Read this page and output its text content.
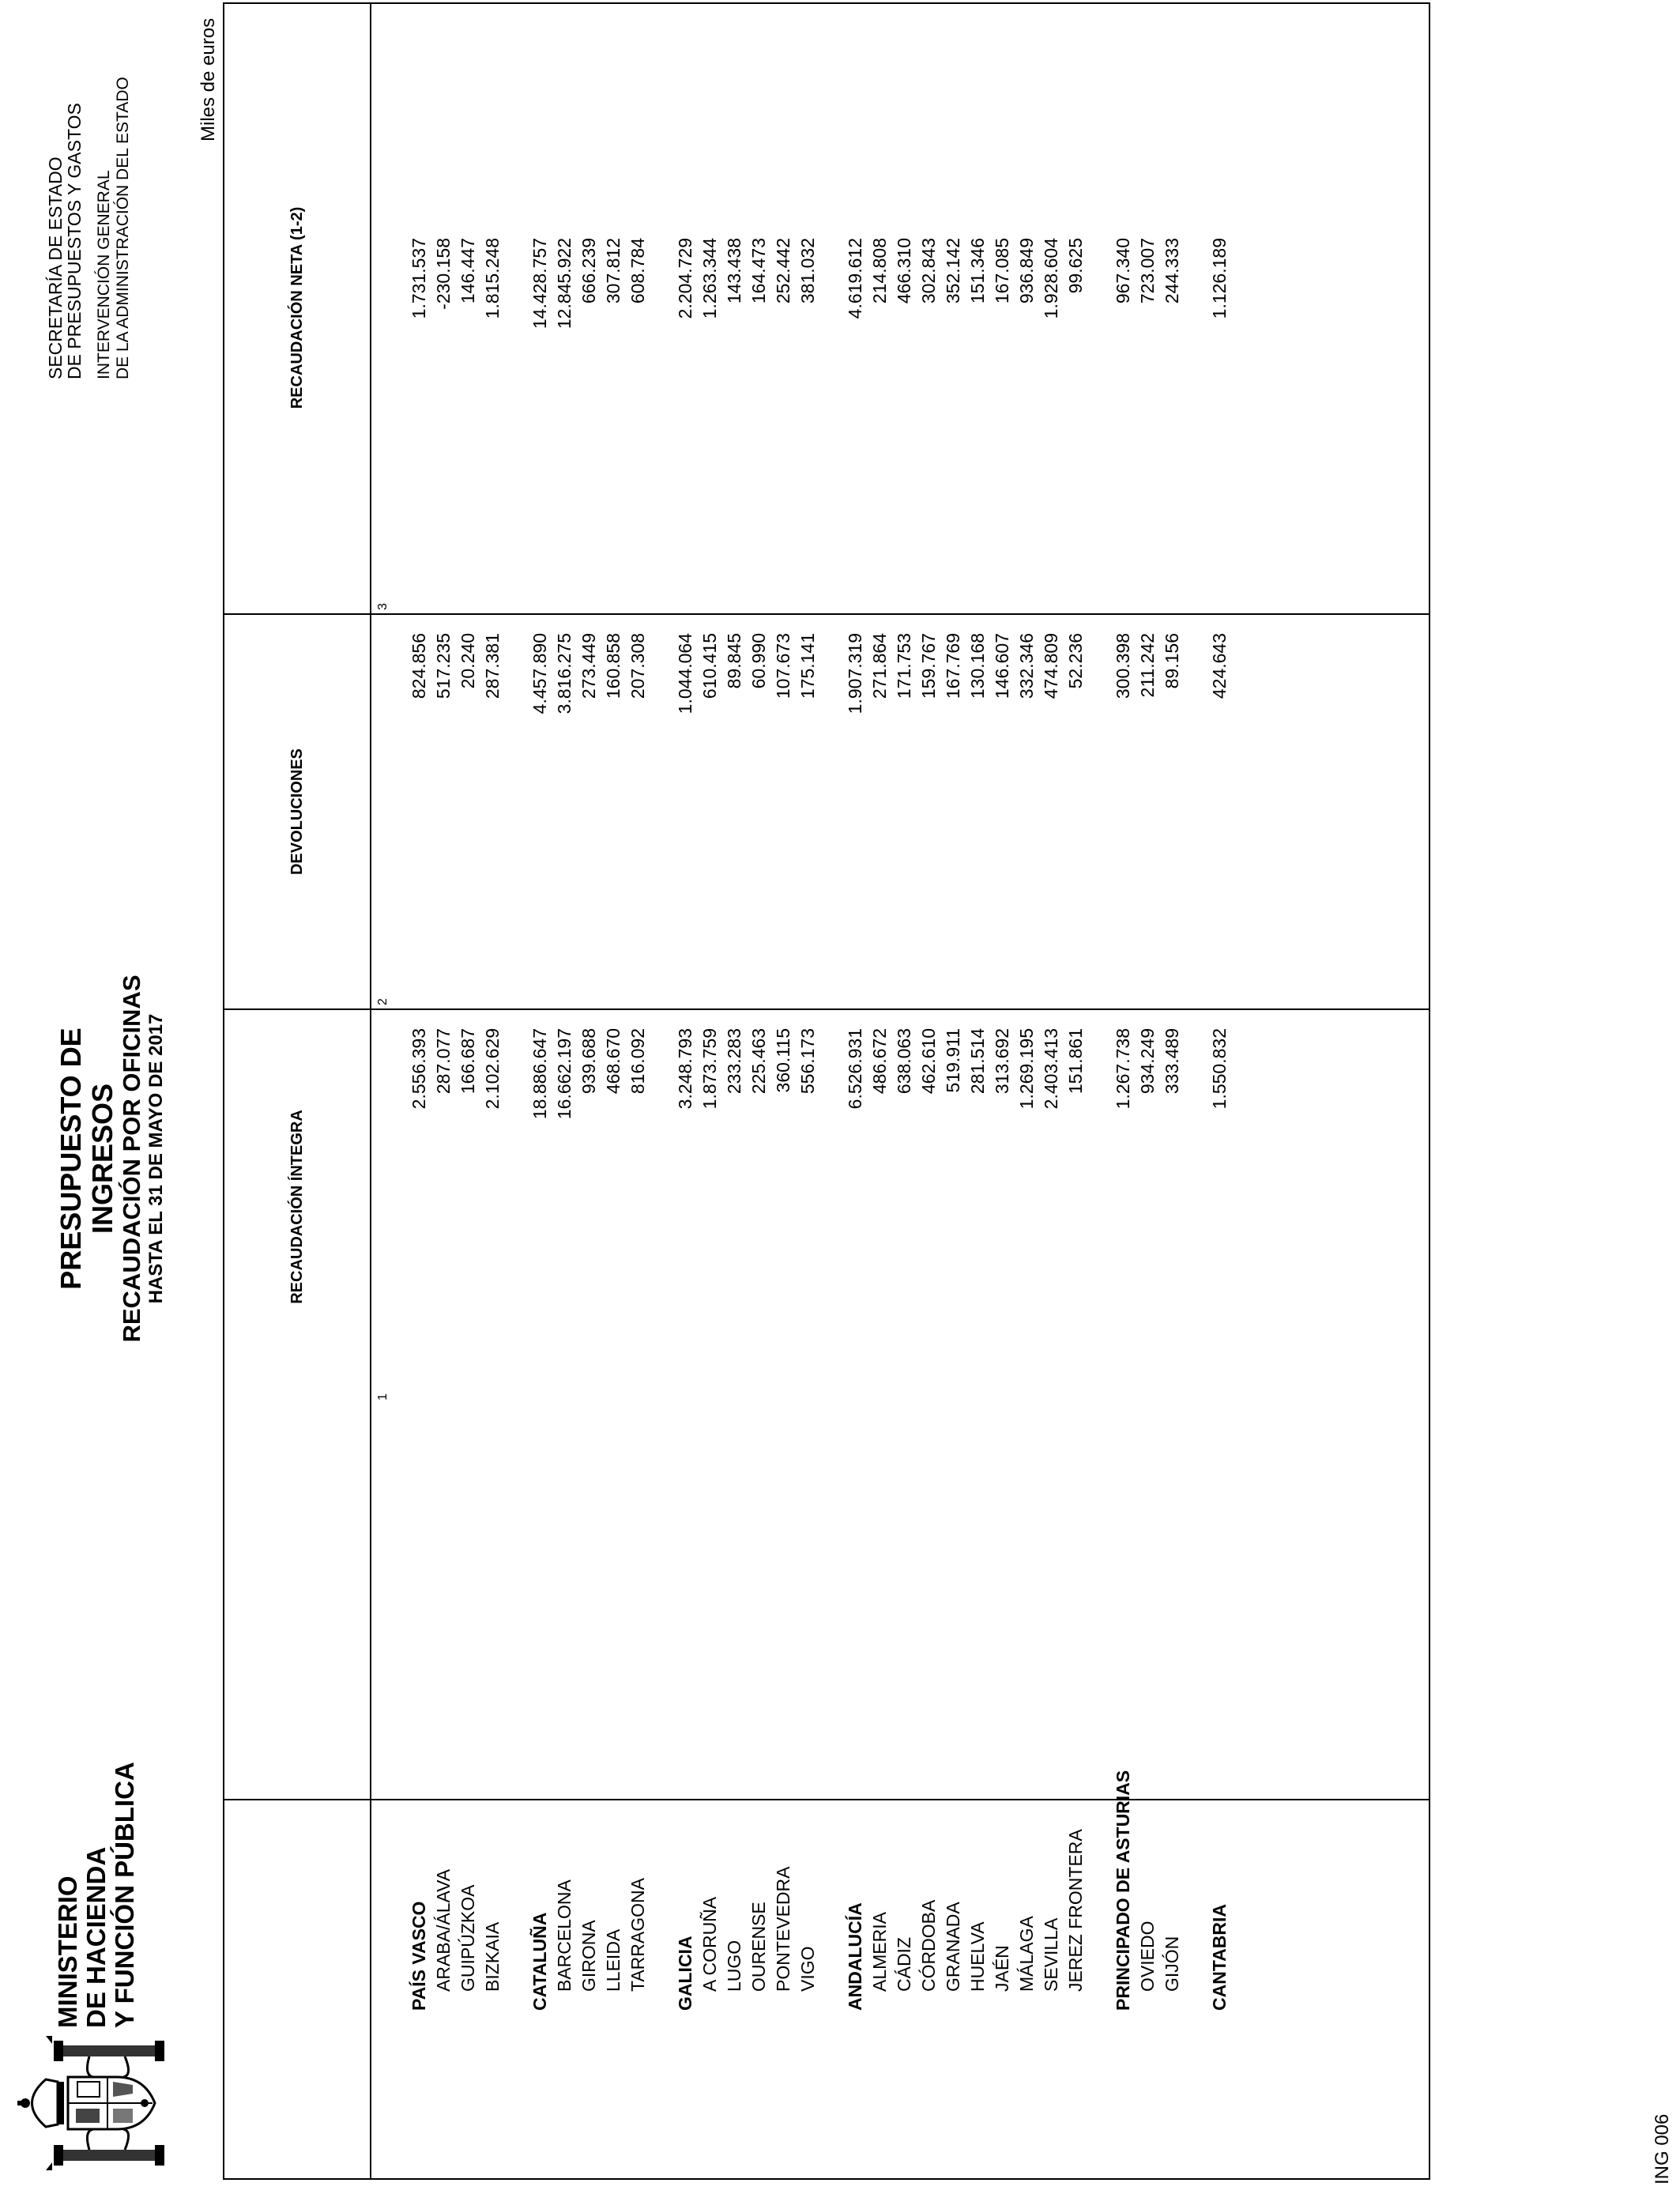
MINISTERIO DE HACIENDA Y FUNCIÓN PÚBLICA
PRESUPUESTO DE INGRESOS RECAUDACIÓN POR OFICINAS HASTA EL 31 DE MAYO DE 2017
SECRETARÍA DE ESTADO
DE PRESUPUESTOS Y GASTOS INTERVENCIÓN GENERAL DE LA ADMINISTRACIÓN DEL ESTADO	Miles de euros
RECAUDACIÓN ÍNTEGRA
DEVOLUCIONES
RECAUDACIÓN NETA (1-2)
1
2
3
PAÍS VASCO
2.556.393
824.856
1.731.537
ARABA/ÁLAVA
287.077
517.235
-230.158
GUIPÚZKOA
166.687
20.240
146.447
BIZKAIA
2.102.629
287.381
1.815.248
CATALUÑA
18.886.647
4.457.890
14.428.757
BARCELONA
16.662.197
3.816.275
12.845.922
GIRONA
939.688
273.449
666.239
LLEIDA
468.670
160.858
307.812
TARRAGONA
816.092
207.308
608.784
GALICIA
3.248.793
1.044.064
2.204.729
A CORUÑA
1.873.759
610.415
1.263.344
LUGO
233.283
89.845
143.438
OURENSE
225.463
60.990
164.473
PONTEVEDRA
360.115
107.673
252.442
VIGO
556.173
175.141
381.032
ANDALUCÍA
6.526.931
1.907.319
4.619.612
ALMERIA
486.672
271.864
214.808
CÁDIZ
638.063
171.753
466.310
CÓRDOBA
462.610
159.767
302.843
GRANADA
519.911
167.769
352.142
HUELVA
281.514
130.168
151.346
JAÉN
313.692
146.607
167.085
MÁLAGA
1.269.195
332.346
936.849
SEVILLA
2.403.413
474.809
1.928.604
JEREZ FRONTERA
151.861
52.236
99.625
PRINCIPADO DE ASTURIAS
1.267.738
300.398
967.340
OVIEDO
934.249
211.242
723.007
GIJÓN
333.489
89.156
244.333
CANTABRIA
1.550.832
424.643
1.126.189
ING 006
